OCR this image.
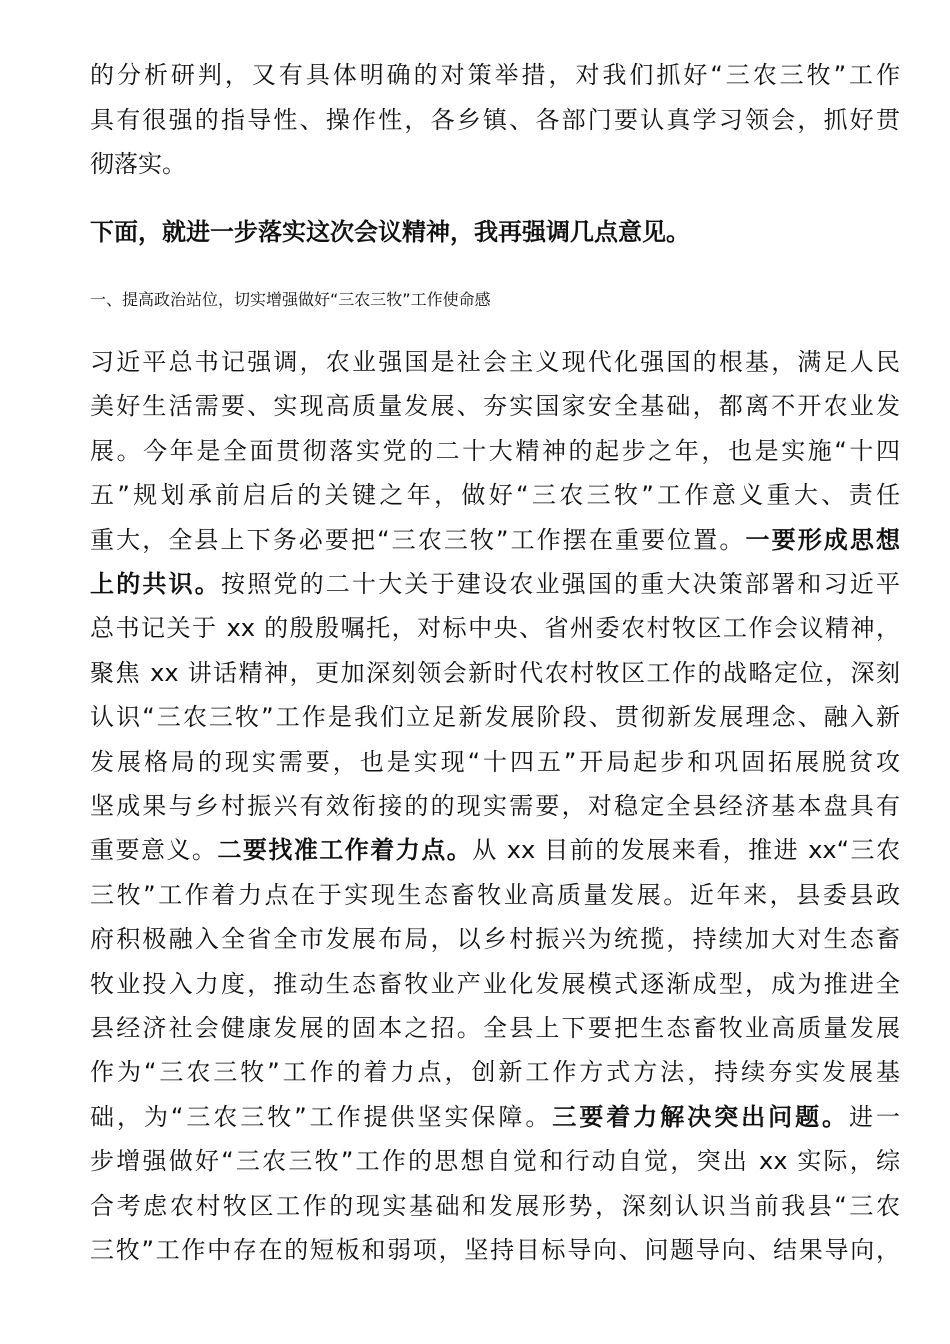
的分析研判，又有具体明确的对策举措，对我们抓好“三农三牧”工作
具有很强的指导性、操作性，各乡镇、各部门要认真学习领会，抓好贯
彻落实。
下面，就进一步落实这次会议精神，我再强调几点意见。
一、提高政治站位，切实增强做好“三农三牧”工作使命感
习近平总书记强调，农业强国是社会主义现代化强国的根基，满足人民
美好生活需要、实现高质量发展、夯实国家安全基础，都离不开农业发
展。今年是全面贯彻落实党的二十大精神的起步之年，也是实施“十四
五”规划承前启后的关键之年，做好“三农三牧”工作意义重大、责任
重大，全县上下务必要把“三农三牧”工作摆在重要位置。一要形成思想
上的共识。按照党的二十大关于建设农业强国的重大决策部署和习近平
总书记关于 xx 的殷殷嘱托，对标中央、省州委农村牧区工作会议精神，
聚焦 xx 讲话精神，更加深刻领会新时代农村牧区工作的战略定位，深刻
认识“三农三牧”工作是我们立足新发展阶段、贯彻新发展理念、融入新
发展格局的现实需要，也是实现“十四五”开局起步和巩固拓展脱贫攻
坚成果与乡村振兴有效衔接的的现实需要，对稳定全县经济基本盘具有
重要意义。二要找准工作着力点。从 xx 目前的发展来看，推进 xx“三农
三牧”工作着力点在于实现生态畜牧业高质量发展。近年来，县委县政
府积极融入全省全市发展布局，以乡村振兴为统揽，持续加大对生态畜
牧业投入力度，推动生态畜牧业产业化发展模式逐渐成型，成为推进全
县经济社会健康发展的固本之招。全县上下要把生态畜牧业高质量发展
作为“三农三牧”工作的着力点，创新工作方式方法，持续夯实发展基
础，为“三农三牧”工作提供坚实保障。三要着力解决突出问题。进一
步增强做好“三农三牧”工作的思想自觉和行动自觉，突出 xx 实际，综
合考虑农村牧区工作的现实基础和发展形势，深刻认识当前我县“三农
三牧”工作中存在的短板和弱项，坚持目标导向、问题导向、结果导向，
